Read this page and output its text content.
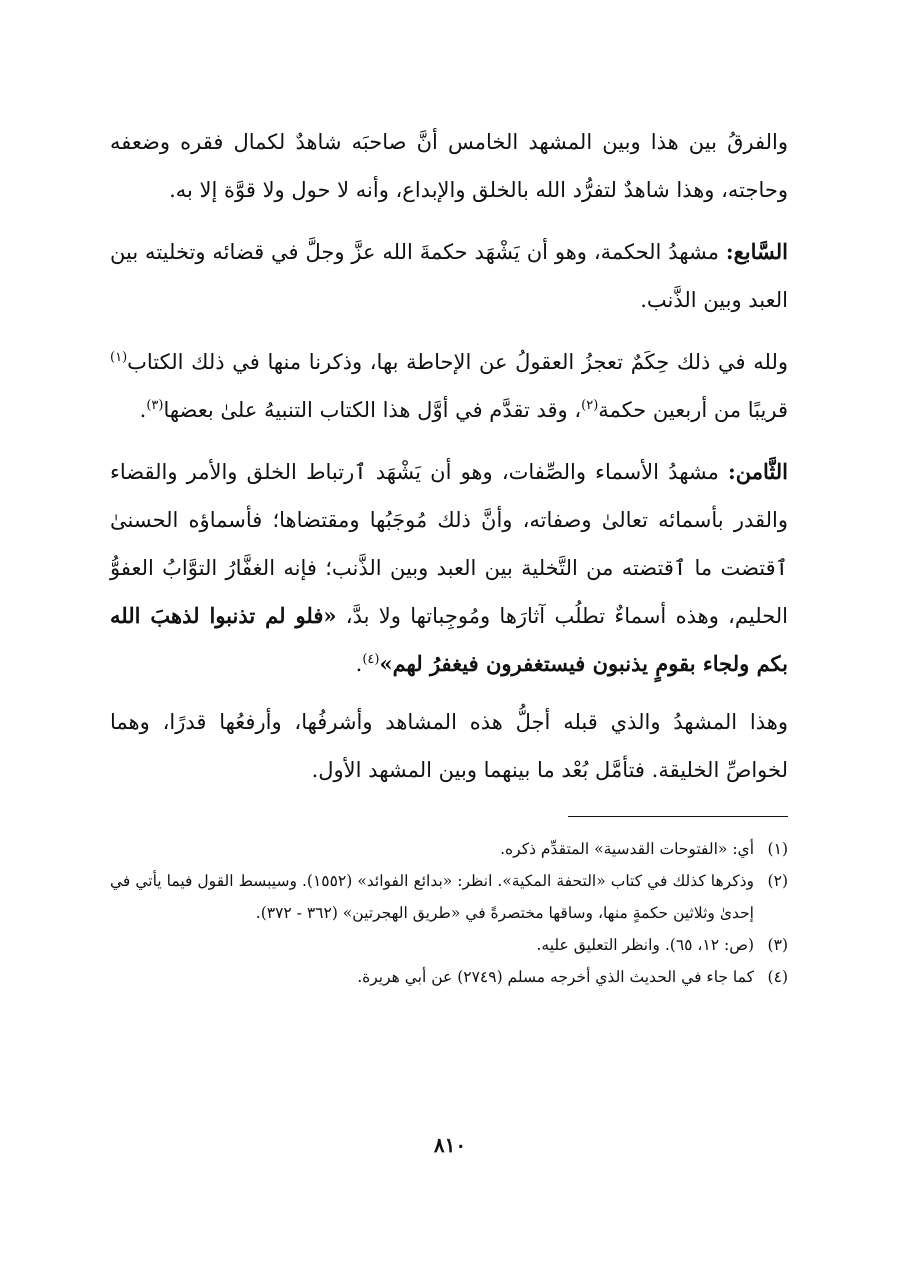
والفرقُ بين هذا وبين المشهد الخامس أنَّ صاحبَه شاهدٌ لكمال فقره وضعفه وحاجته، وهذا شاهدٌ لتفرُّد الله بالخلق والإبداع، وأنه لا حول ولا قوَّة إلا به.

السَّابع: مشهدُ الحكمة، وهو أن يَشْهَد حكمةَ الله عزَّ وجلَّ في قضائه وتخليته بين العبد وبين الذَّنب.

ولله في ذلك حِكَمٌ تعجزُ العقولُ عن الإحاطة بها، وذكرنا منها في ذلك الكتاب$^{(١)}$ قريبًا من أربعين حكمة$^{(٢)}$، وقد تقدَّم في أوَّل هذا الكتاب التنبيهُ علىٰ بعضها$^{(٣)}$.

الثَّامن: مشهدُ الأسماء والصِّفات، وهو أن يَشْهَد ٱرتباط الخلق والأمر والقضاء والقدر بأسمائه تعالىٰ وصفاته، وأنَّ ذلك مُوجَبُها ومقتضاها؛ فأسماؤه الحسنىٰ ٱقتضت ما ٱقتضته من التَّخلية بين العبد وبين الذَّنب؛ فإنه الغفَّارُ التوَّابُ العفوُّ الحليم، وهذه أسماءٌ تطلُب آثارَها ومُوجِباتها ولا بدَّ، «فلو لم تذنبوا لذهبَ الله بكم ولجاء بقومٍ يذنبون فيستغفرون فيغفرُ لهم»$^{(٤)}$.

وهذا المشهدُ والذي قبله أجلُّ هذه المشاهد وأشرفُها، وأرفعُها قدرًا، وهما لخواصِّ الخليقة. فتأمَّل بُعْد ما بينهما وبين المشهد الأول.

(١)
أي: «الفتوحات القدسية» المتقدِّم ذكره.
(٢)
وذكرها كذلك في كتاب «التحفة المكية». انظر: «بدائع الفوائد» (١٥٥٢). وسيبسط القول فيما يأتي في إحدىٰ وثلاثين حكمةٍ منها، وساقها مختصرةً في «طريق الهجرتين» (٣٦٢ - ٣٧٢).
(٣)
(ص: ١٢، ٦٥). وانظر التعليق عليه.
(٤)
كما جاء في الحديث الذي أخرجه مسلم (٢٧٤٩) عن أبي هريرة.
٨١٠
